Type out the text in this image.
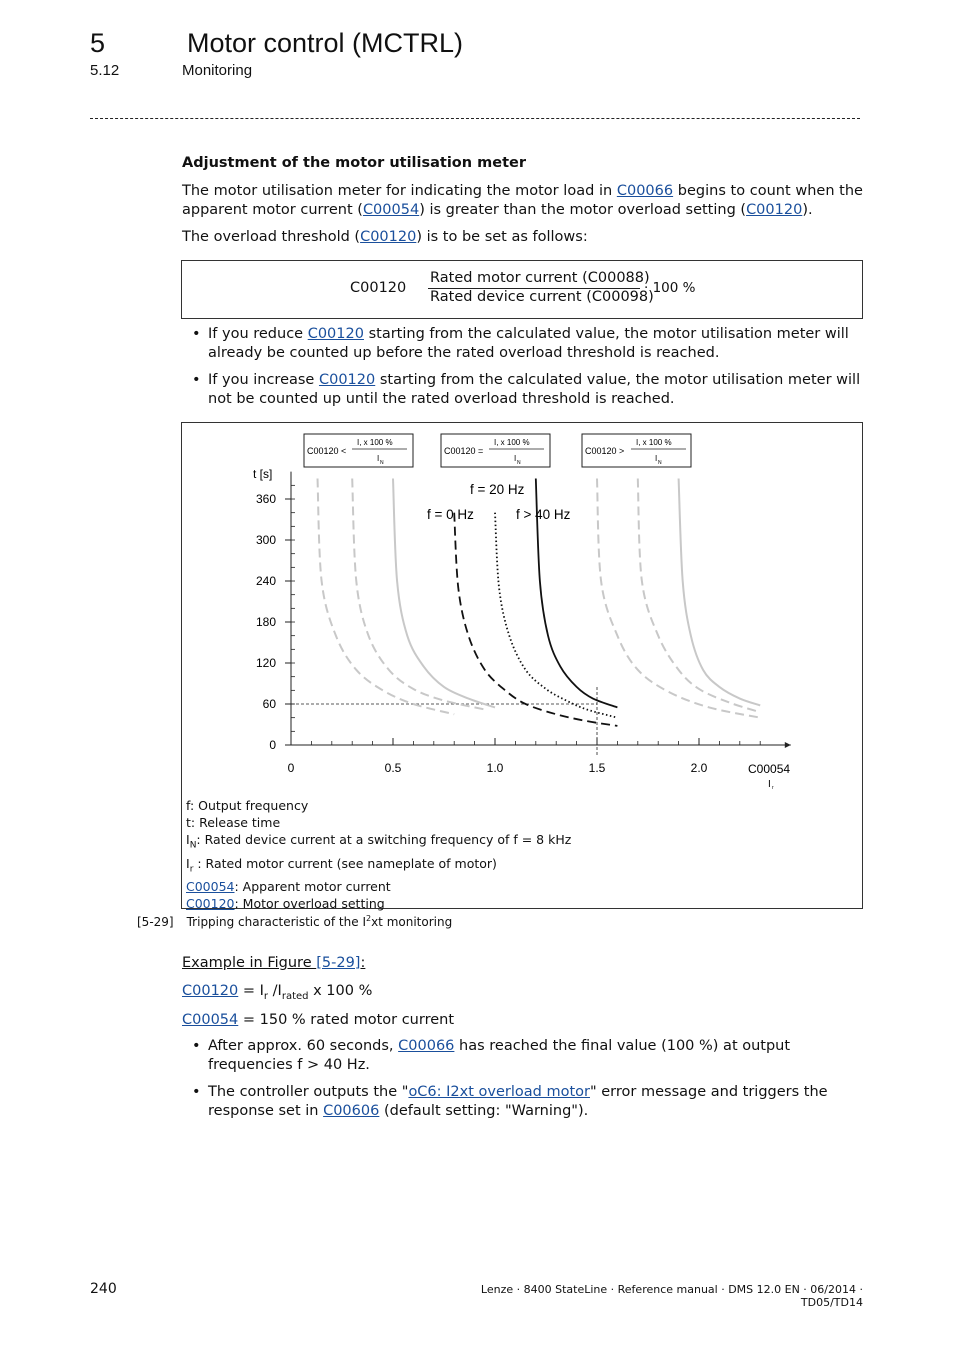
5	Motor control (MCTRL)
5.12	Monitoring
Adjustment of the motor utilisation meter
The motor utilisation meter for indicating the motor load in C00066 begins to count when the apparent motor current (C00054) is greater than the motor overload setting (C00120).
The overload threshold (C00120) is to be set as follows:
C00120
Rated motor current (C00088)
Rated device current (C00098)
· 100 %
• If you reduce C00120 starting from the calculated value, the motor utilisation meter will already be counted up before the rated overload threshold is reached.
• If you increase C00120 starting from the calculated value, the motor utilisation meter will not be counted up until the rated overload threshold is reached.
C00120 <
I, x 100 %
I N
C00120 =
I, x 100 %
I N
C00120 >
I, x 100 %
I N
t [s]
C00054
I r
f = 20 Hz
f = 0 Hz	f > 40 Hz
0	0.5	1.0	1.5	2.0
0
60
120
180
240
300
360
f: Output frequency
t: Release time
$I_N$: Rated device current at a switching frequency of f = 8 kHz
$I_r$ : Rated motor current (see nameplate of motor)
C00054: Apparent motor current
C00120: Motor overload setting
[5-29] Tripping characteristic of the $I^2xt$ monitoring
Example in Figure [5-29]:
$C00120 = I_r$ $/I_{rated}$ x 100 %
C00054 = 150 % rated motor current
• After approx. 60 seconds, C00066 has reached the final value (100 %) at output frequencies f > 40 Hz.
• The controller outputs the "oC6: I2xt overload motor" error message and triggers the response set in C00606 (default setting: "Warning").
240	Lenze · 8400 StateLine · Reference manual · DMS 12.0 EN · 06/2014 · TD05/TD14
